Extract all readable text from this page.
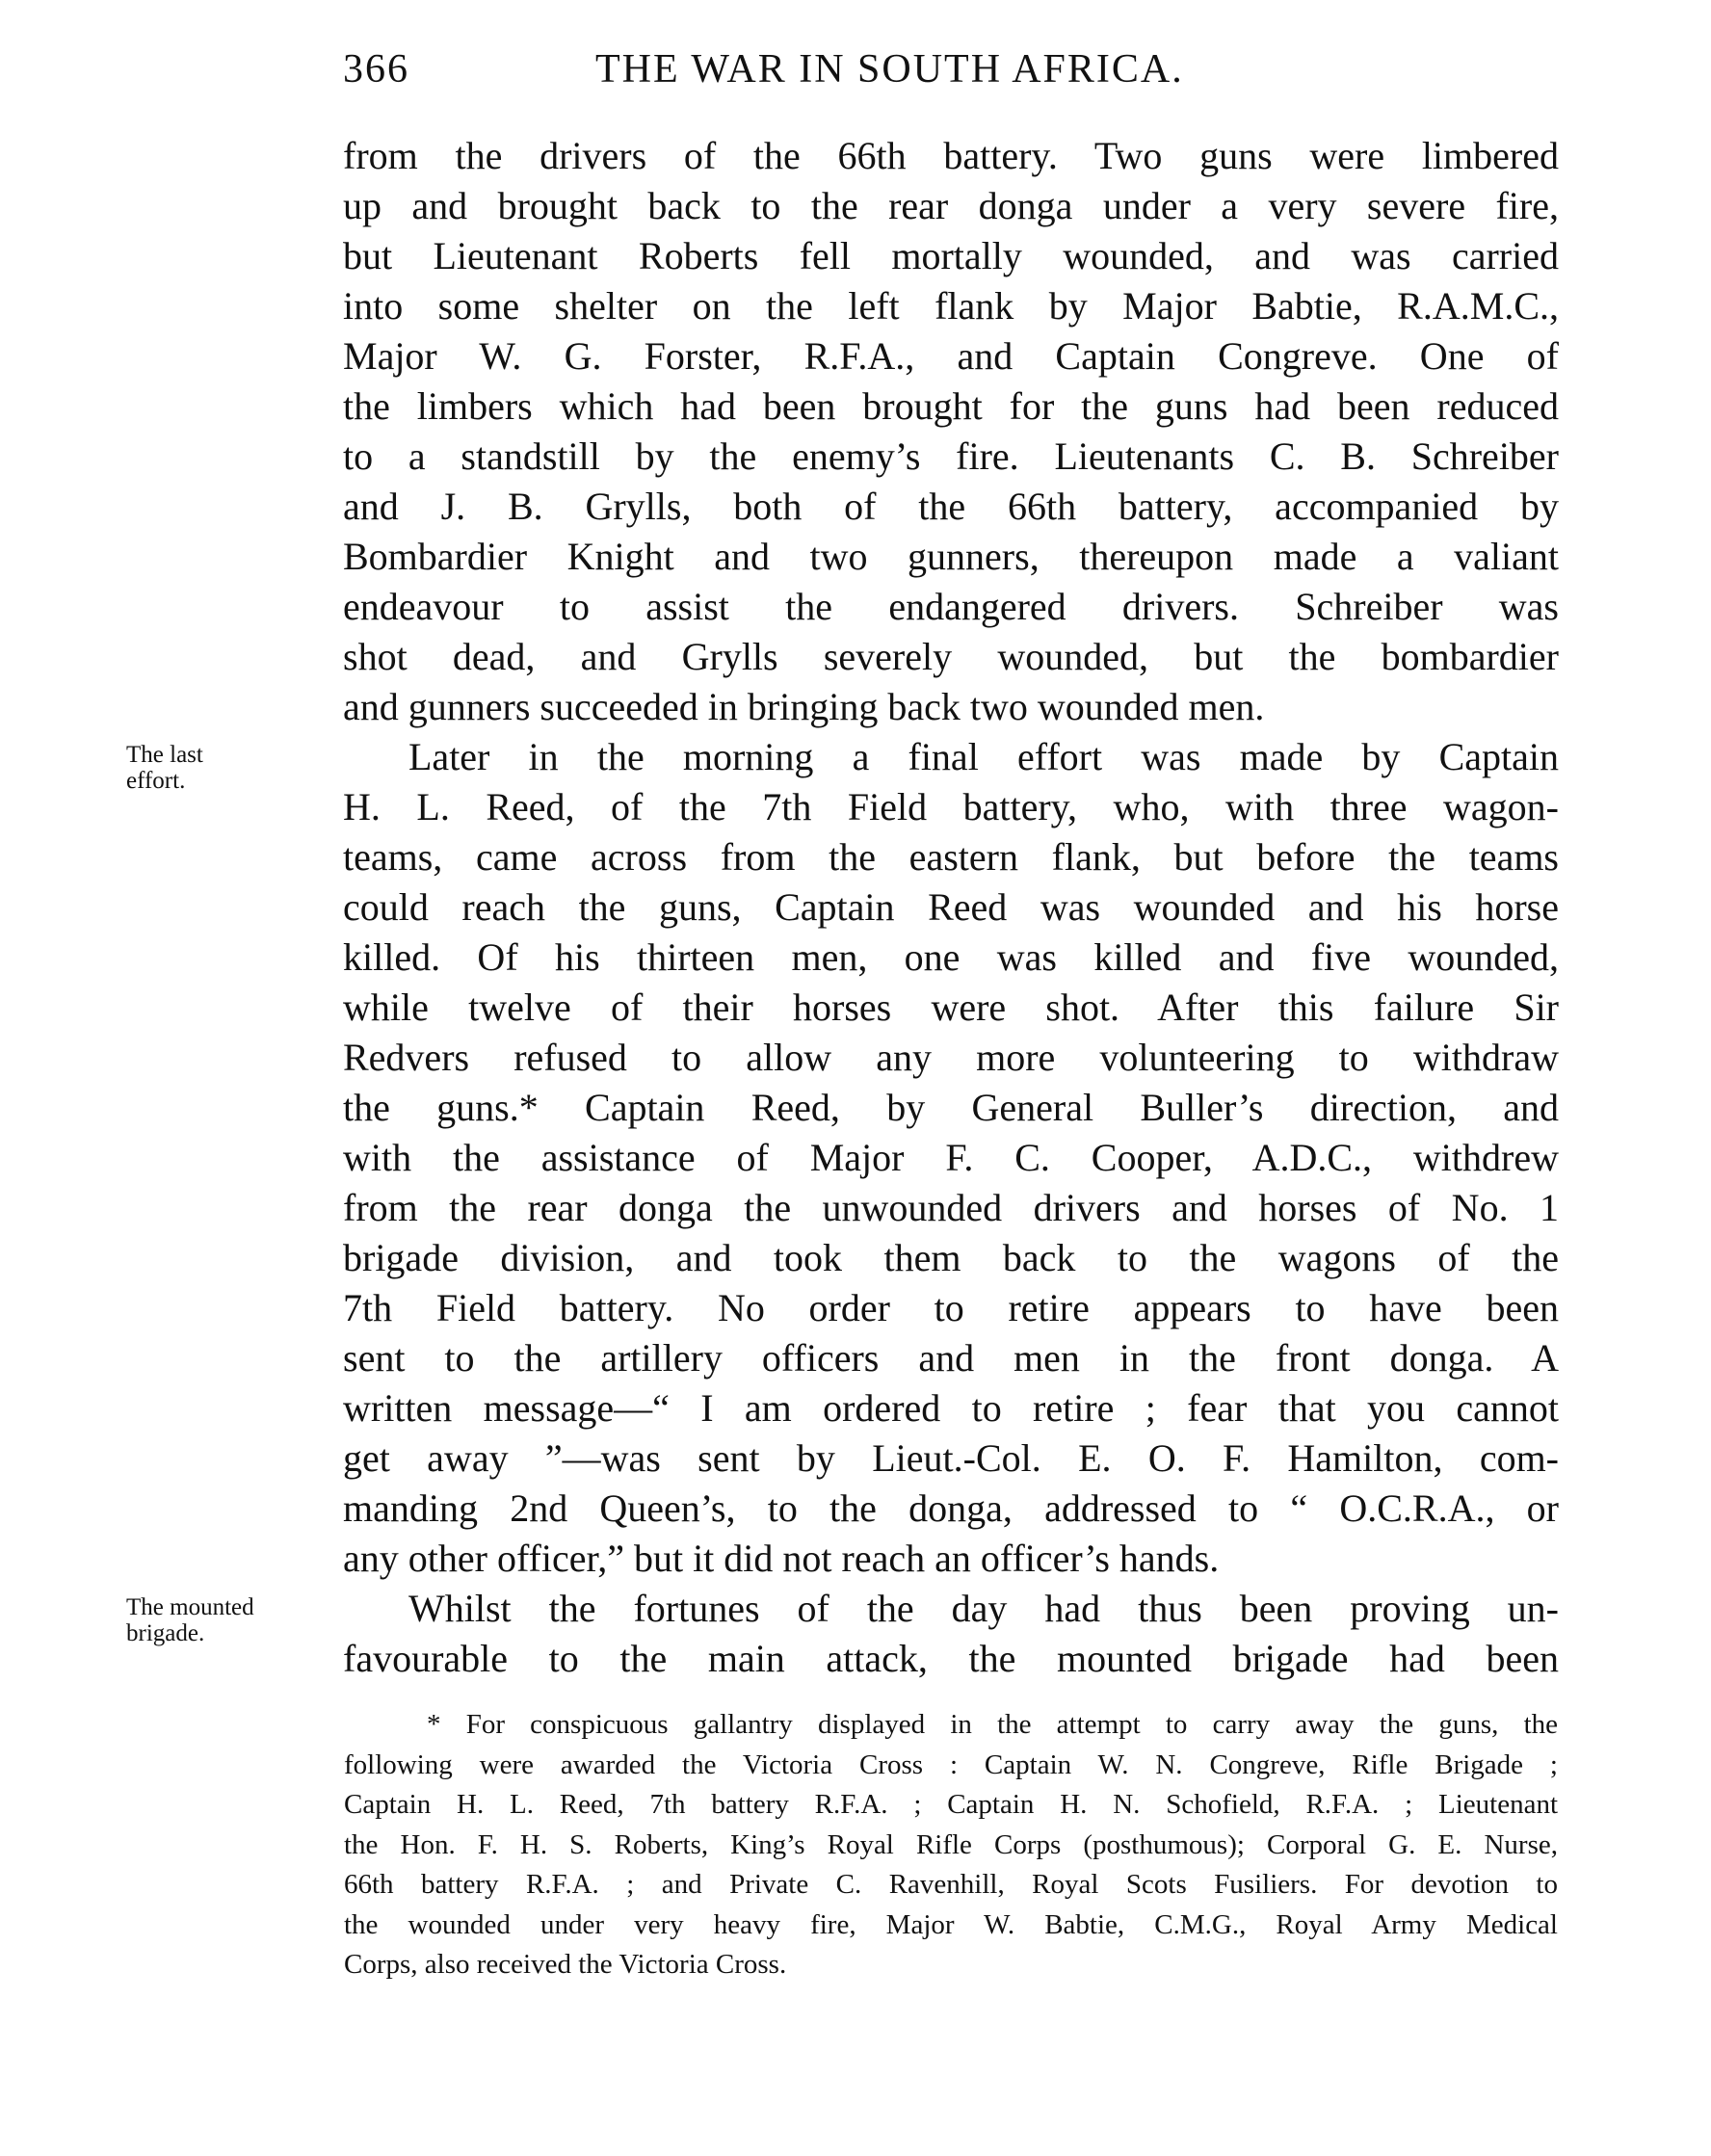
366	THE WAR IN SOUTH AFRICA.
The last
effort.
The mounted
brigade.
from the drivers of the 66th battery. Two guns were limbered
up and brought back to the rear donga under a very severe fire,
but Lieutenant Roberts fell mortally wounded, and was carried
into some shelter on the left flank by Major Babtie, R.A.M.C.,
Major W. G. Forster, R.F.A., and Captain Congreve. One of
the limbers which had been brought for the guns had been reduced
to a standstill by the enemy’s fire. Lieutenants C. B. Schreiber
and J. B. Grylls, both of the 66th battery, accompanied by
Bombardier Knight and two gunners, thereupon made a valiant
endeavour to assist the endangered drivers. Schreiber was
shot dead, and Grylls severely wounded, but the bombardier
and gunners succeeded in bringing back two wounded men.
Later in the morning a final effort was made by Captain
H. L. Reed, of the 7th Field battery, who, with three wagon-
teams, came across from the eastern flank, but before the teams
could reach the guns, Captain Reed was wounded and his horse
killed. Of his thirteen men, one was killed and five wounded,
while twelve of their horses were shot. After this failure Sir
Redvers refused to allow any more volunteering to withdraw
the guns.* Captain Reed, by General Buller’s direction, and
with the assistance of Major F. C. Cooper, A.D.C., withdrew
from the rear donga the unwounded drivers and horses of No. 1
brigade division, and took them back to the wagons of the
7th Field battery. No order to retire appears to have been
sent to the artillery officers and men in the front donga. A
written message—“ I am ordered to retire ; fear that you cannot
get away ”—was sent by Lieut.-Col. E. O. F. Hamilton, com-
manding 2nd Queen’s, to the donga, addressed to “ O.C.R.A., or
any other officer,” but it did not reach an officer’s hands.
Whilst the fortunes of the day had thus been proving un-
favourable to the main attack, the mounted brigade had been
* For conspicuous gallantry displayed in the attempt to carry away the guns, the
following were awarded the Victoria Cross : Captain W. N. Congreve, Rifle Brigade ;
Captain H. L. Reed, 7th battery R.F.A. ; Captain H. N. Schofield, R.F.A. ; Lieutenant
the Hon. F. H. S. Roberts, King’s Royal Rifle Corps (posthumous); Corporal G. E. Nurse,
66th battery R.F.A. ; and Private C. Ravenhill, Royal Scots Fusiliers. For devotion to
the wounded under very heavy fire, Major W. Babtie, C.M.G., Royal Army Medical
Corps, also received the Victoria Cross.
